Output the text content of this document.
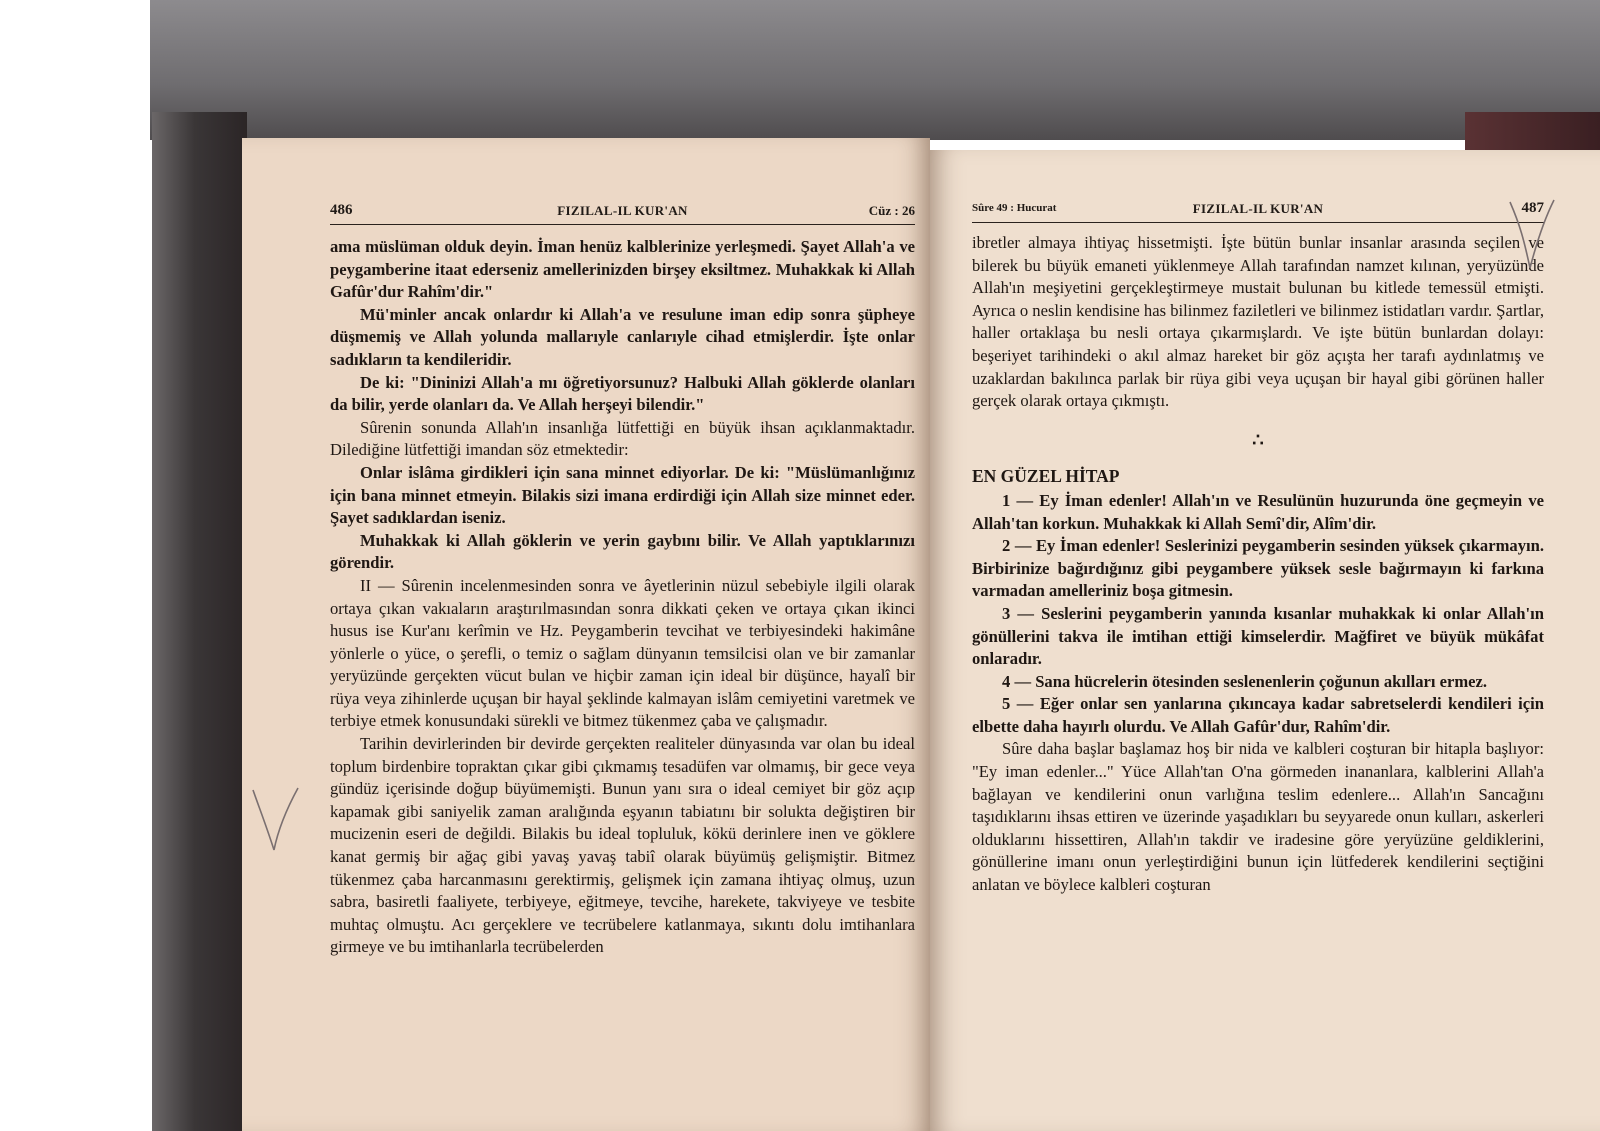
486	FIZILAL-IL KUR'AN	Cüz : 26

ama müslüman olduk deyin. İman henüz kalblerinize yerleşmedi. Şayet Allah'a ve peygamberine itaat ederseniz amellerinizden birşey eksiltmez. Muhakkak ki Allah Gafûr'dur Rahîm'dir."

Mü'minler ancak onlardır ki Allah'a ve resulune iman edip sonra şüpheye düşmemiş ve Allah yolunda mallarıyle canlarıyle cihad etmişlerdir. İşte onlar sadıkların ta kendileridir.

De ki: "Dininizi Allah'a mı öğretiyorsunuz? Halbuki Allah göklerde olanları da bilir, yerde olanları da. Ve Allah herşeyi bilendir."

Sûrenin sonunda Allah'ın insanlığa lütfettiği en büyük ihsan açıklanmaktadır. Dilediğine lütfettiği imandan söz etmektedir:

Onlar islâma girdikleri için sana minnet ediyorlar. De ki: "Müslümanlığınız için bana minnet etmeyin. Bilakis sizi imana erdirdiği için Allah size minnet eder. Şayet sadıklardan iseniz.

Muhakkak ki Allah göklerin ve yerin gaybını bilir. Ve Allah yaptıklarınızı görendir.

II — Sûrenin incelenmesinden sonra ve âyetlerinin nüzul sebebiyle ilgili olarak ortaya çıkan vakıaların araştırılmasından sonra dikkati çeken ve ortaya çıkan ikinci husus ise Kur'anı kerîmin ve Hz. Peygamberin tevcihat ve terbiyesindeki hakimâne yönlerle o yüce, o şerefli, o temiz o sağlam dünyanın temsilcisi olan ve bir zamanlar yeryüzünde gerçekten vücut bulan ve hiçbir zaman için ideal bir düşünce, hayalî bir rüya veya zihinlerde uçuşan bir hayal şeklinde kalmayan islâm cemiyetini varetmek ve terbiye etmek konusundaki sürekli ve bitmez tükenmez çaba ve çalışmadır.

Tarihin devirlerinden bir devirde gerçekten realiteler dünyasında var olan bu ideal toplum birdenbire topraktan çıkar gibi çıkmamış tesadüfen var olmamış, bir gece veya gündüz içerisinde doğup büyümemişti. Bunun yanı sıra o ideal cemiyet bir göz açıp kapamak gibi saniyelik zaman aralığında eşyanın tabiatını bir solukta değiştiren bir mucizenin eseri de değildi. Bilakis bu ideal topluluk, kökü derinlere inen ve göklere kanat germiş bir ağaç gibi yavaş yavaş tabiî olarak büyümüş gelişmiştir. Bitmez tükenmez çaba harcanmasını gerektirmiş, gelişmek için zamana ihtiyaç olmuş, uzun sabra, basiretli faaliyete, terbiyeye, eğitmeye, tevcihe, harekete, takviyeye ve tesbite muhtaç olmuştu. Acı gerçeklere ve tecrübelere katlanmaya, sıkıntı dolu imtihanlara girmeye ve bu imtihanlarla tecrübelerden

Sûre 49 : Hucurat	FIZILAL-IL KUR'AN	487

ibretler almaya ihtiyaç hissetmişti. İşte bütün bunlar insanlar arasında seçilen ve bilerek bu büyük emaneti yüklenmeye Allah tarafından namzet kılınan, yeryüzünde Allah'ın meşiyetini gerçekleştirmeye mustait bulunan bu kitlede temessül etmişti. Ayrıca o neslin kendisine has bilinmez faziletleri ve bilinmez istidatları vardır. Şartlar, haller ortaklaşa bu nesli ortaya çıkarmışlardı. Ve işte bütün bunlardan dolayı: beşeriyet tarihindeki o akıl almaz hareket bir göz açışta her tarafı aydınlatmış ve uzaklardan bakılınca parlak bir rüya gibi veya uçuşan bir hayal gibi görünen haller gerçek olarak ortaya çıkmıştı.

∴
EN GÜZEL HİTAP

1 — Ey İman edenler! Allah'ın ve Resulünün huzurunda öne geçmeyin ve Allah'tan korkun. Muhakkak ki Allah Semî'dir, Alîm'dir.

2 — Ey İman edenler! Seslerinizi peygamberin sesinden yüksek çıkarmayın. Birbirinize bağırdığınız gibi peygambere yüksek sesle bağırmayın ki farkına varmadan amelleriniz boşa gitmesin.

3 — Seslerini peygamberin yanında kısanlar muhakkak ki onlar Allah'ın gönüllerini takva ile imtihan ettiği kimselerdir. Mağfiret ve büyük mükâfat onlaradır.

4 — Sana hücrelerin ötesinden seslenenlerin çoğunun akılları ermez.

5 — Eğer onlar sen yanlarına çıkıncaya kadar sabretselerdi kendileri için elbette daha hayırlı olurdu. Ve Allah Gafûr'dur, Rahîm'dir.

Sûre daha başlar başlamaz hoş bir nida ve kalbleri coşturan bir hitapla başlıyor: "Ey iman edenler..." Yüce Allah'tan O'na görmeden inananlara, kalblerini Allah'a bağlayan ve kendilerini onun varlığına teslim edenlere... Allah'ın Sancağını taşıdıklarını ihsas ettiren ve üzerinde yaşadıkları bu seyyarede onun kulları, askerleri olduklarını hissettiren, Allah'ın takdir ve iradesine göre yeryüzüne geldiklerini, gönüllerine imanı onun yerleştirdiğini bunun için lütfederek kendilerini seçtiğini anlatan ve böylece kalbleri coşturan
